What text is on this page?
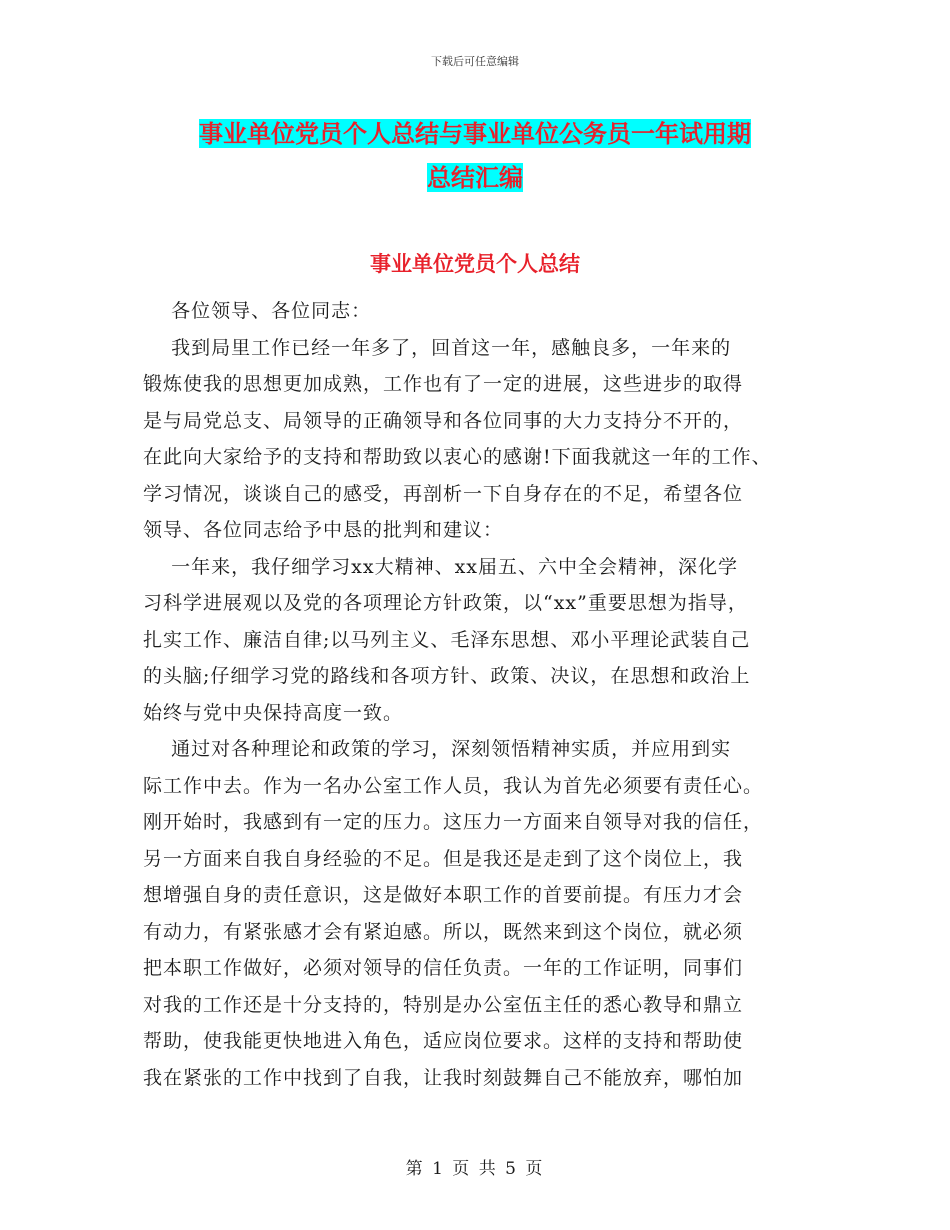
下载后可任意编辑
事业单位党员个人总结与事业单位公务员一年试用期
总结汇编
事业单位党员个人总结

各位领导、各位同志：

我到局里工作已经一年多了，回首这一年，感触良多，一年来的

锻炼使我的思想更加成熟，工作也有了一定的进展，这些进步的取得

是与局党总支、局领导的正确领导和各位同事的大力支持分不开的，

在此向大家给予的支持和帮助致以衷心的感谢!下面我就这一年的工作、

学习情况，谈谈自己的感受，再剖析一下自身存在的不足，希望各位

领导、各位同志给予中恳的批判和建议：

一年来，我仔细学习xx大精神、xx届五、六中全会精神，深化学

习科学进展观以及党的各项理论方针政策，以“xx”重要思想为指导，

扎实工作、廉洁自律;以马列主义、毛泽东思想、邓小平理论武装自己

的头脑;仔细学习党的路线和各项方针、政策、决议，在思想和政治上

始终与党中央保持高度一致。

通过对各种理论和政策的学习，深刻领悟精神实质，并应用到实

际工作中去。作为一名办公室工作人员，我认为首先必须要有责任心。

刚开始时，我感到有一定的压力。这压力一方面来自领导对我的信任，

另一方面来自我自身经验的不足。但是我还是走到了这个岗位上，我

想增强自身的责任意识，这是做好本职工作的首要前提。有压力才会

有动力，有紧张感才会有紧迫感。所以，既然来到这个岗位，就必须

把本职工作做好，必须对领导的信任负责。一年的工作证明，同事们

对我的工作还是十分支持的，特别是办公室伍主任的悉心教导和鼎立

帮助，使我能更快地进入角色，适应岗位要求。这样的支持和帮助使

我在紧张的工作中找到了自我，让我时刻鼓舞自己不能放弃，哪怕加

第 1 页 共 5 页
